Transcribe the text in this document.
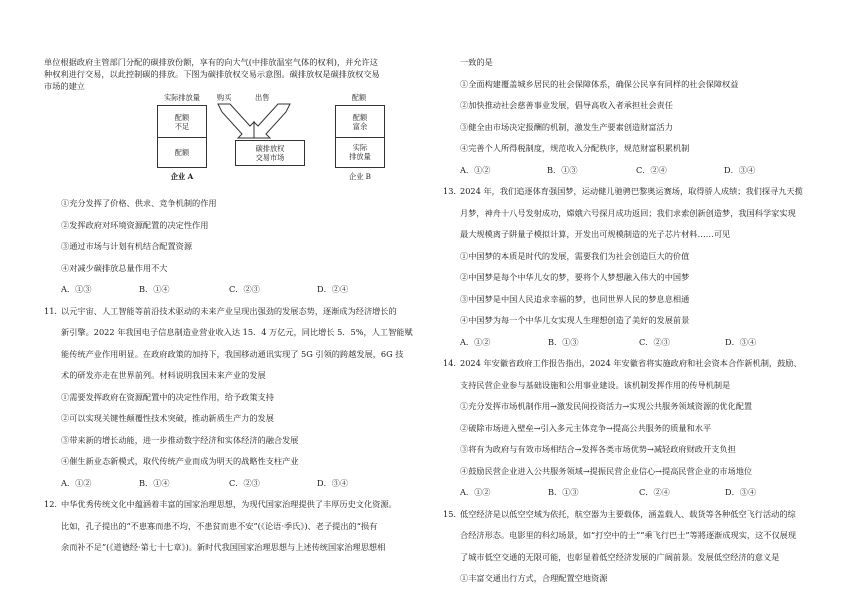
单位根据政府主管部门分配的碳排放份额，享有的向大气(中排放温室气体的权利)，并允许这

种权利进行交易，以此控制碳的排放。下图为碳排放权交易示意图。碳排放权是碳排放权交易

市场的建立

实际排放量
配额
不足
配额
企业 A
购买	出售
碳排放权
交易市场
配额
配额
富余
实际
排放量
企业 B

①充分发挥了价格、供求、竞争机制的作用

②发挥政府对环境资源配置的决定性作用

③通过市场与计划有机结合配置资源

④对减少碳排放总量作用不大

A．①③	B．①④	C．②③	D．②④

11. 以元宇宙、人工智能等前沿技术驱动的未来产业呈现出强劲的发展态势，逐渐成为经济增长的

新引擎。2022 年我国电子信息制造业营业收入达 15．4 万亿元，同比增长 5．5%，人工智能赋

能传统产业作用明显。在政府政策的加持下，我国移动通讯实现了 5G 引领的跨越发展，6G 技

术的研发亦走在世界前列。材料说明我国未来产业的发展

①需要发挥政府在资源配置中的决定性作用，给予政策支持

②可以实现关键性颠覆性技术突破，推动新质生产力的发展

③带来新的增长动能，进一步推动数字经济和实体经济的融合发展

④催生新业态新模式，取代传统产业而成为明天的战略性支柱产业

A．①②	B．①④	C．②③	D．③④

12. 中华优秀传统文化中蕴涵着丰富的国家治理思想，为现代国家治理提供了丰厚历史文化资源。

比如，孔子提出的“不患寡而患不均，不患贫而患不安”(《论语·季氏》)、老子提出的“损有

余而补不足”(《道德经·第七十七章》)。新时代我国国家治理思想与上述传统国家治理思想相

一致的是

①全面构建覆盖城乡居民的社会保障体系，确保公民享有同样的社会保障权益

②加快推动社会慈善事业发展，倡导高收入者承担社会责任

③健全由市场决定报酬的机制，激发生产要素创造财富活力

④完善个人所得税制度，规范收入分配秩序，规范财富积累机制

A．①②	B．①③	C．②④	D．③④

13. 2024 年，我们追逐体育强国梦，运动健儿驰骋巴黎奥运赛场，取得骄人成绩；我们探寻九天揽

月梦，神舟十八号发射成功，嫦娥六号探月成功返回；我们求索创新创造梦，我国科学家实现

最大规模离子阱量子模拟计算，开发出可规模制造的光子芯片材料……可见

①中国梦的本质是时代的发展，需要我们为社会创造巨大的价值

②中国梦是每个中华儿女的梦，要将个人梦想融入伟大的中国梦

③中国梦是中国人民追求幸福的梦，也同世界人民的梦息息相通

④中国梦为每一个中华儿女实现人生理想创造了美好的发展前景

A．①②	B．①③	C．②③	D．③④

14. 2024 年安徽省政府工作报告指出，2024 年安徽省将实施政府和社会资本合作新机制，鼓励、

支持民营企业参与基础设施和公用事业建设。该机制发挥作用的传导机制是

①充分发挥市场机制作用→激发民间投资活力→实现公共服务领域资源的优化配置

②破除市场进入壁垒→引入多元主体竞争→提高公共服务的质量和水平

③将有为政府与有效市场相结合→发挥各类市场优势→减轻政府财政开支负担

④鼓励民营企业进入公共服务领域→提振民营企业信心→提高民营企业的市场地位

A．①②	B．①③	C．②④	D．③④

15. 低空经济是以低空空域为依托，航空器为主要载体，涵盖载人、载货等各种低空飞行活动的综

合经济形态。电影里的科幻场景，如“打空中的士”“乘飞行巴士”等將逐渐成现实，这不仅展现

了城市低空交通的无限可能，也彰显着低空经济发展的广阔前景。发展低空经济的意义是

①丰富交通出行方式，合理配置空地资源
